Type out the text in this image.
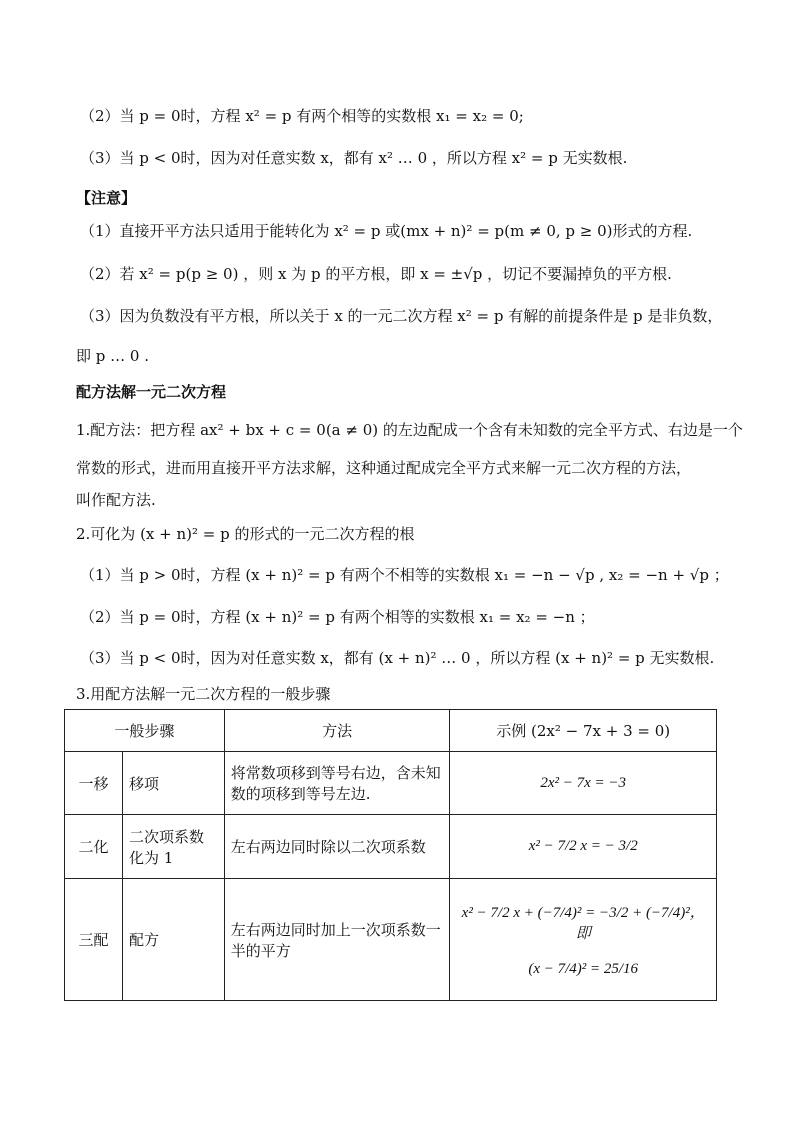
（2）当 p = 0时，方程 x² = p 有两个相等的实数根 x₁ = x₂ = 0;
（3）当 p < 0时，因为对任意实数 x，都有 x² … 0 ，所以方程 x² = p 无实数根.
【注意】
（1）直接开平方法只适用于能转化为 x² = p 或(mx + n)² = p(m ≠ 0, p ≥ 0)形式的方程.
（2）若 x² = p(p ≥ 0) ，则 x 为 p 的平方根，即 x = ±√p ，切记不要漏掉负的平方根.
（3）因为负数没有平方根，所以关于 x 的一元二次方程 x² = p 有解的前提条件是 p 是非负数，
即 p … 0 .
配方法解一元二次方程
1.配方法：把方程 ax² + bx + c = 0(a ≠ 0) 的左边配成一个含有未知数的完全平方式、右边是一个
常数的形式，进而用直接开平方法求解，这种通过配成完全平方式来解一元二次方程的方法，
叫作配方法.
2.可化为 (x + n)² = p 的形式的一元二次方程的根
（1）当 p > 0时，方程 (x + n)² = p 有两个不相等的实数根 x₁ = −n − √p , x₂ = −n + √p ；
（2）当 p = 0时，方程 (x + n)² = p 有两个相等的实数根 x₁ = x₂ = −n ；
（3）当 p < 0时，因为对任意实数 x，都有 (x + n)² … 0 ，所以方程 (x + n)² = p 无实数根.
3.用配方法解一元二次方程的一般步骤
一般步骤		方法	示例 (2x² − 7x + 3 = 0)
一移	移项	将常数项移到等号右边，含未知数的项移到等号左边.	2x² − 7x = −3
二化	二次项系数化为 1	左右两边同时除以二次项系数	x² − 7/2 x = − 3/2
三配	配方	左右两边同时加上一次项系数一半的平方	x² − 7/2 x + (−7/4)² = −3/2 + (−7/4)²，即
(x − 7/4)² = 25/16
